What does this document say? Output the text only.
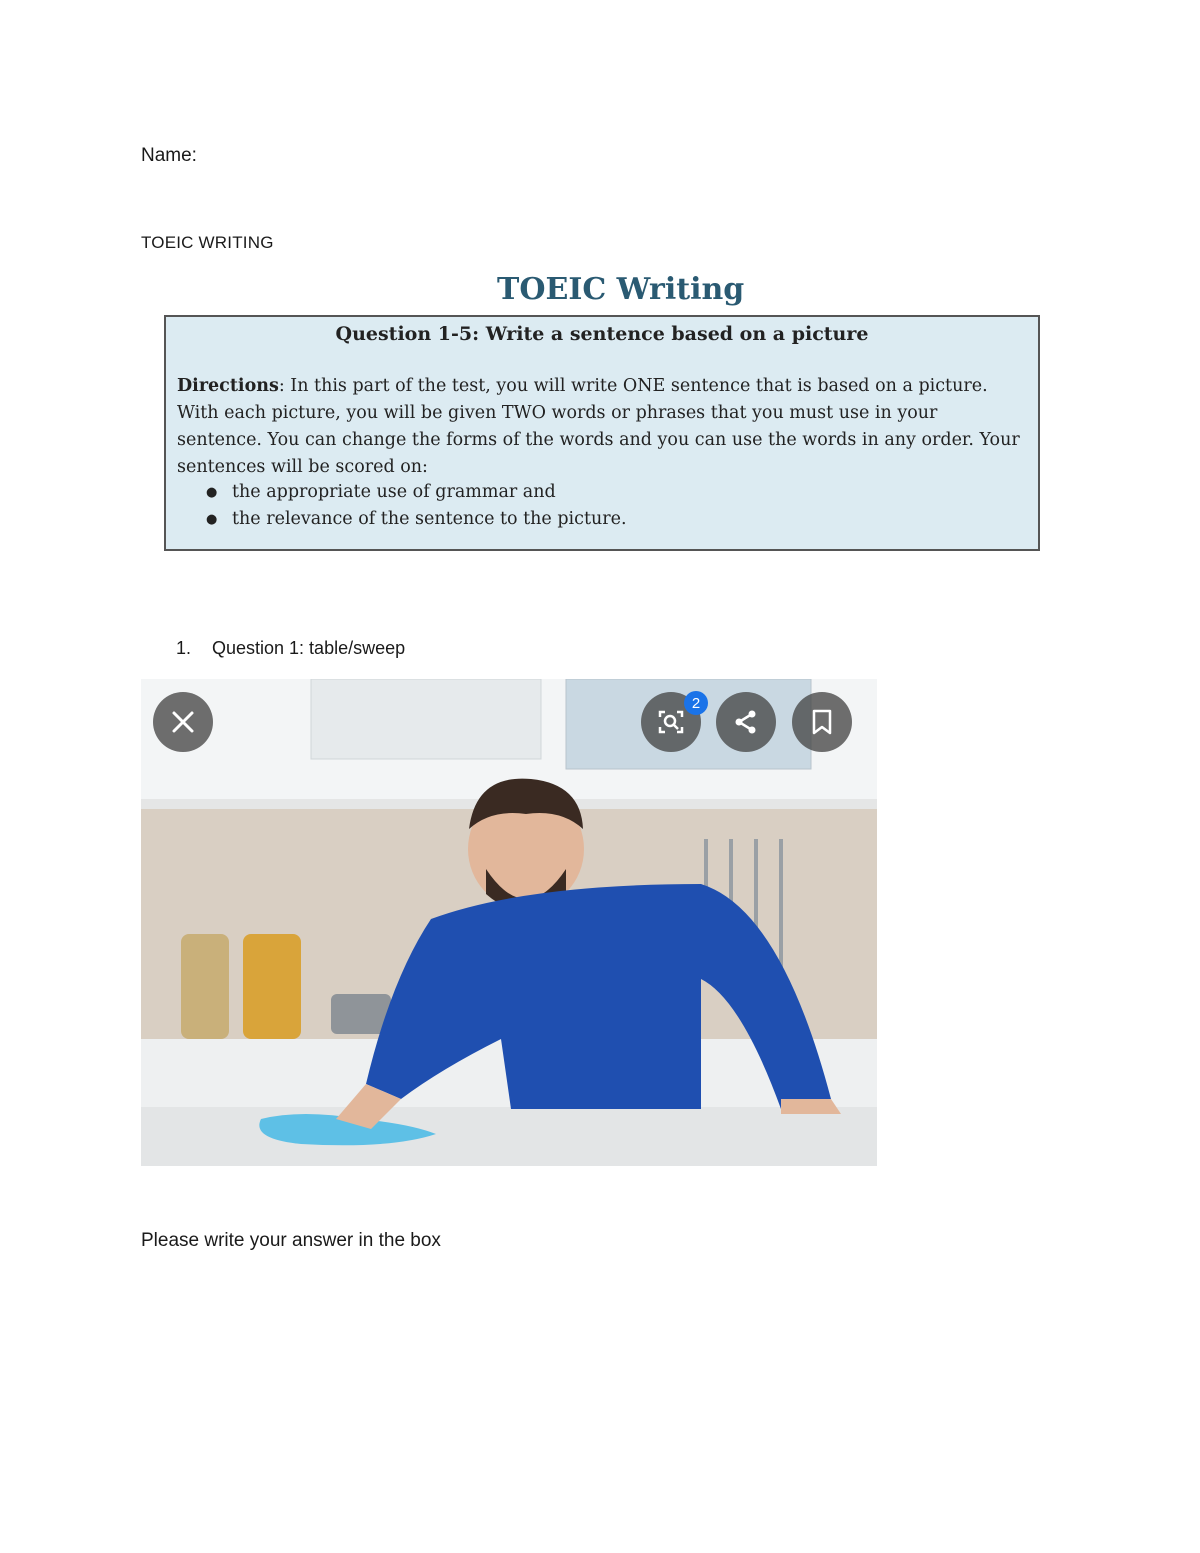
Name:
TOEIC WRITING
TOEIC Writing
Question 1-5: Write a sentence based on a picture
Directions: In this part of the test, you will write ONE sentence that is based on a picture. With each picture, you will be given TWO words or phrases that you must use in your sentence. You can change the forms of the words and you can use the words in any order. Your sentences will be scored on:
● the appropriate use of grammar and
● the relevance of the sentence to the picture.
1. Question 1: table/sweep
2
Please write your answer in the box
